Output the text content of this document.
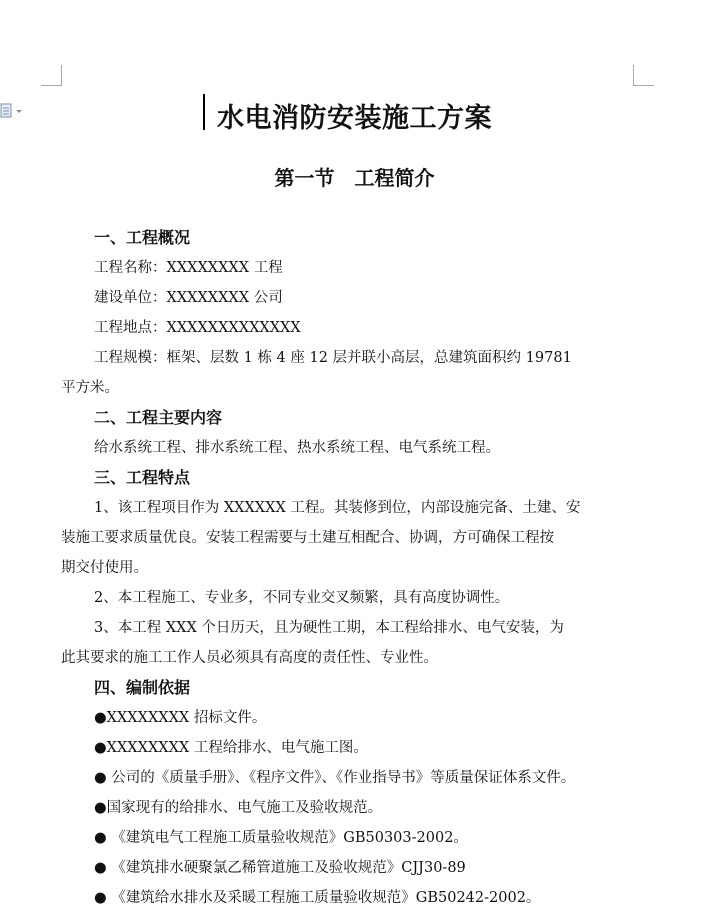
水电消防安装施工方案
第一节　工程简介
一、工程概况
工程名称：XXXXXXXX 工程
建设单位：XXXXXXXX 公司
工程地点：XXXXXXXXXXXXX
工程规模：框架、层数 1 栋 4 座 12 层并联小高层，总建筑面积约 19781
平方米。
二、工程主要内容
给水系统工程、排水系统工程、热水系统工程、电气系统工程。
三、工程特点
1、该工程项目作为 XXXXXX 工程。其装修到位，内部设施完备、土建、安
装施工要求质量优良。安装工程需要与土建互相配合、协调，方可确保工程按
期交付使用。
2、本工程施工、专业多，不同专业交叉频繁，具有高度协调性。
3、本工程 XXX 个日历天，且为硬性工期，本工程给排水、电气安装，为
此其要求的施工工作人员必须具有高度的责任性、专业性。
四、编制依据
●XXXXXXXX 招标文件。
●XXXXXXXX 工程给排水、电气施工图。
● 公司的《质量手册》、《程序文件》、《作业指导书》等质量保证体系文件。
●国家现有的给排水、电气施工及验收规范。
● 《建筑电气工程施工质量验收规范》GB50303-2002。
● 《建筑排水硬聚氯乙稀管道施工及验收规范》CJJ30-89
● 《建筑给水排水及采暖工程施工质量验收规范》GB50242-2002。
